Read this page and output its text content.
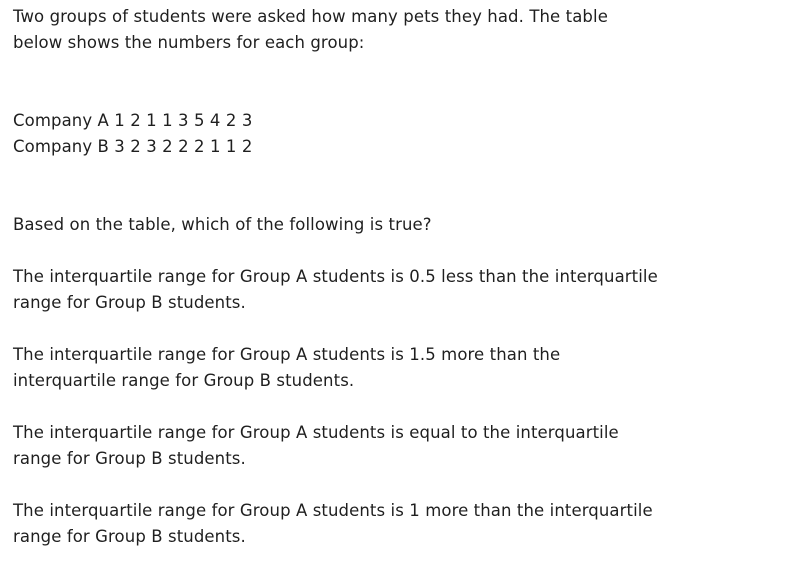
Two groups of students were asked how many pets they had. The table

below shows the numbers for each group:

Company A 1 2 1 1 3 5 4 2 3

Company B 3 2 3 2 2 2 1 1 2

Based on the table, which of the following is true?

The interquartile range for Group A students is 0.5 less than the interquartile

range for Group B students.

The interquartile range for Group A students is 1.5 more than the

interquartile range for Group B students.

The interquartile range for Group A students is equal to the interquartile

range for Group B students.

The interquartile range for Group A students is 1 more than the interquartile

range for Group B students.
